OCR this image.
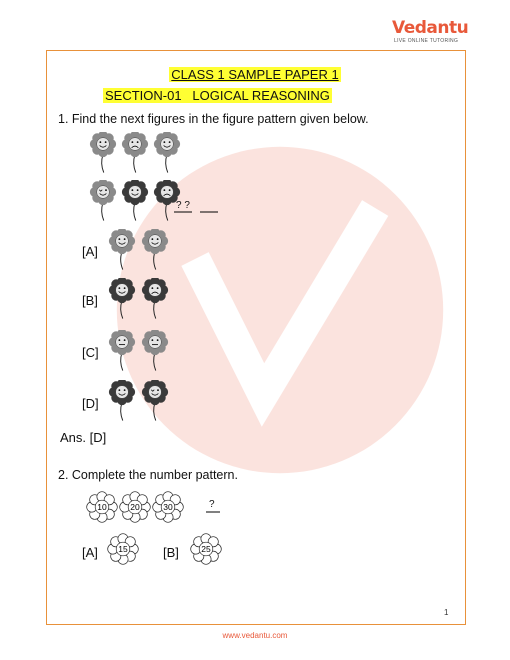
Vedantu
LIVE ONLINE TUTORING
CLASS 1 SAMPLE PAPER 1
SECTION-01   LOGICAL REASONING
1. Find the next figures in the figure pattern given below.
? ?
[A]
[B]
[C]
[D]
Ans. [D]
2. Complete the number pattern.
?
[A]	[B]
1
www.vedantu.com
10 20 30
15	25
